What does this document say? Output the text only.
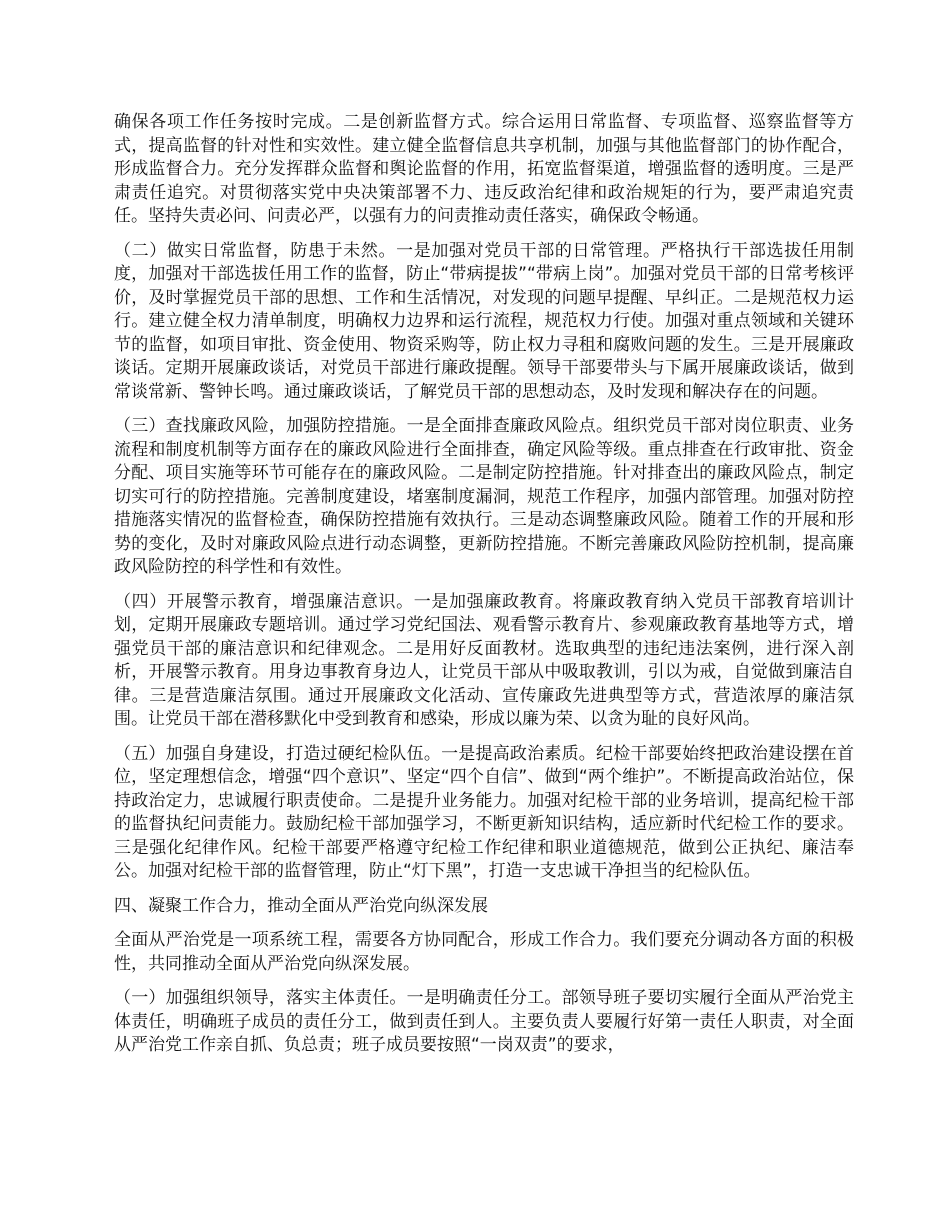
确保各项工作任务按时完成。二是创新监督方式。综合运用日常监督、专项监督、巡察监督等方式，提高监督的针对性和实效性。建立健全监督信息共享机制，加强与其他监督部门的协作配合，形成监督合力。充分发挥群众监督和舆论监督的作用，拓宽监督渠道，增强监督的透明度。三是严肃责任追究。对贯彻落实党中央决策部署不力、违反政治纪律和政治规矩的行为，要严肃追究责任。坚持失责必问、问责必严，以强有力的问责推动责任落实，确保政令畅通。

（二）做实日常监督，防患于未然。一是加强对党员干部的日常管理。严格执行干部选拔任用制度，加强对干部选拔任用工作的监督，防止“带病提拔”“带病上岗”。加强对党员干部的日常考核评价，及时掌握党员干部的思想、工作和生活情况，对发现的问题早提醒、早纠正。二是规范权力运行。建立健全权力清单制度，明确权力边界和运行流程，规范权力行使。加强对重点领域和关键环节的监督，如项目审批、资金使用、物资采购等，防止权力寻租和腐败问题的发生。三是开展廉政谈话。定期开展廉政谈话，对党员干部进行廉政提醒。领导干部要带头与下属开展廉政谈话，做到常谈常新、警钟长鸣。通过廉政谈话，了解党员干部的思想动态，及时发现和解决存在的问题。

（三）查找廉政风险，加强防控措施。一是全面排查廉政风险点。组织党员干部对岗位职责、业务流程和制度机制等方面存在的廉政风险进行全面排查，确定风险等级。重点排查在行政审批、资金分配、项目实施等环节可能存在的廉政风险。二是制定防控措施。针对排查出的廉政风险点，制定切实可行的防控措施。完善制度建设，堵塞制度漏洞，规范工作程序，加强内部管理。加强对防控措施落实情况的监督检查，确保防控措施有效执行。三是动态调整廉政风险。随着工作的开展和形势的变化，及时对廉政风险点进行动态调整，更新防控措施。不断完善廉政风险防控机制，提高廉政风险防控的科学性和有效性。

（四）开展警示教育，增强廉洁意识。一是加强廉政教育。将廉政教育纳入党员干部教育培训计划，定期开展廉政专题培训。通过学习党纪国法、观看警示教育片、参观廉政教育基地等方式，增强党员干部的廉洁意识和纪律观念。二是用好反面教材。选取典型的违纪违法案例，进行深入剖析，开展警示教育。用身边事教育身边人，让党员干部从中吸取教训，引以为戒，自觉做到廉洁自律。三是营造廉洁氛围。通过开展廉政文化活动、宣传廉政先进典型等方式，营造浓厚的廉洁氛围。让党员干部在潜移默化中受到教育和感染，形成以廉为荣、以贪为耻的良好风尚。

（五）加强自身建设，打造过硬纪检队伍。一是提高政治素质。纪检干部要始终把政治建设摆在首位，坚定理想信念，增强“四个意识”、坚定“四个自信”、做到“两个维护”。不断提高政治站位，保持政治定力，忠诚履行职责使命。二是提升业务能力。加强对纪检干部的业务培训，提高纪检干部的监督执纪问责能力。鼓励纪检干部加强学习，不断更新知识结构，适应新时代纪检工作的要求。三是强化纪律作风。纪检干部要严格遵守纪检工作纪律和职业道德规范，做到公正执纪、廉洁奉公。加强对纪检干部的监督管理，防止“灯下黑”，打造一支忠诚干净担当的纪检队伍。

四、凝聚工作合力，推动全面从严治党向纵深发展

全面从严治党是一项系统工程，需要各方协同配合，形成工作合力。我们要充分调动各方面的积极性，共同推动全面从严治党向纵深发展。

（一）加强组织领导，落实主体责任。一是明确责任分工。部领导班子要切实履行全面从严治党主体责任，明确班子成员的责任分工，做到责任到人。主要负责人要履行好第一责任人职责，对全面从严治党工作亲自抓、负总责；班子成员要按照“一岗双责”的要求，
